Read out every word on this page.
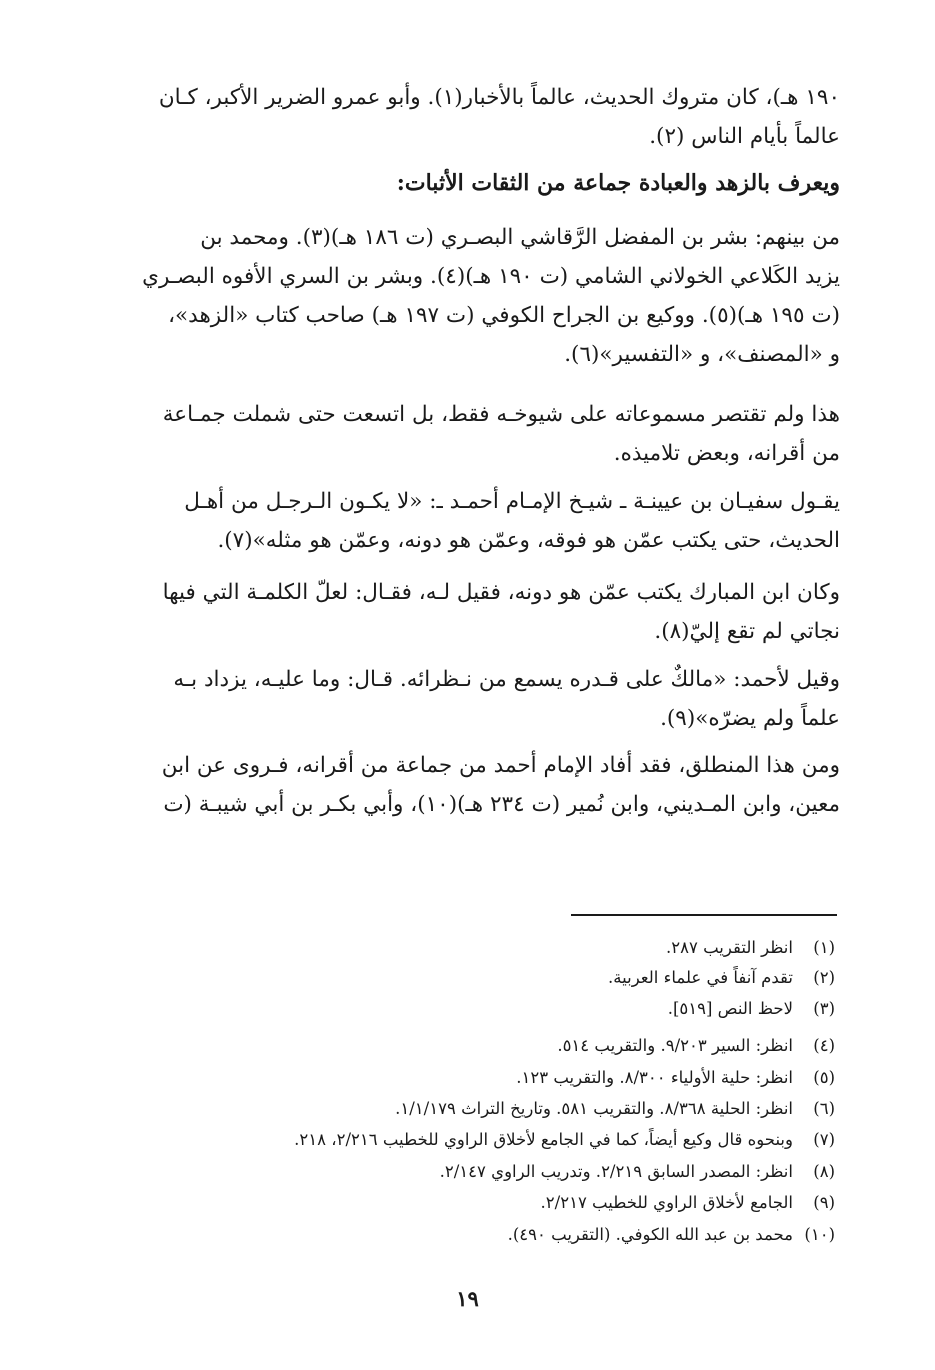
١٩٠ هـ)، كان متروك الحديث، عالماً بالأخبار(١). وأبو عمرو الضرير الأكبر، كـان
عالماً بأيام الناس (٢).
ويعرف بالزهد والعبادة جماعة من الثقات الأثبات:
من بينهم: بشر بن المفضل الرَّقاشي البصـري (ت ١٨٦ هـ)(٣). ومحمد بن
يزيد الكَلاعي الخولاني الشامي (ت ١٩٠ هـ)(٤). وبشر بن السري الأفوه البصـري
(ت ١٩٥ هـ)(٥). ووكيع بن الجراح الكوفي (ت ١٩٧ هـ) صاحب كتاب «الزهد»،
و «المصنف»، و «التفسير»(٦).
هذا ولم تقتصر مسموعاته على شيوخـه فقط، بل اتسعت حتى شملت جمـاعة
من أقرانه، وبعض تلاميذه.
يقـول سفيـان بن عيينـة ـ شيـخ الإمـام أحمـد ـ: «لا يكـون الـرجـل من أهـل
الحديث، حتى يكتب عمّن هو فوقه، وعمّن هو دونه، وعمّن هو مثله»(٧).
وكان ابن المبارك يكتب عمّن هو دونه، فقيل لـه، فقـال: لعلّ الكلمـة التي فيها
نجاتي لم تقع إليّ(٨).
وقيل لأحمد: «مالكٌ على قـدره يسمع من نـظرائه. قـال: وما عليـه، يزداد بـه
علماً ولم يضرّه»(٩).
ومن هذا المنطلق، فقد أفاد الإمام أحمد من جماعة من أقرانه، فـروى عن ابن
معين، وابن المـديني، وابن نُمير (ت ٢٣٤ هـ)(١٠)، وأبي بكـر بن أبي شيبـة (ت
(١)انظر التقريب ٢٨٧.
(٢)تقدم آنفاً في علماء العربية.
(٣)لاحظ النص [٥١٩].
(٤)انظر: السير ٩/٢٠٣. والتقريب ٥١٤.
(٥)انظر: حلية الأولياء ٨/٣٠٠. والتقريب ١٢٣.
(٦)انظر: الحلية ٨/٣٦٨. والتقريب ٥٨١. وتاريخ التراث ١/١/١٧٩.
(٧)وبنحوه قال وكيع أيضاً، كما في الجامع لأخلاق الراوي للخطيب ٢/٢١٦، ٢١٨.
(٨)انظر: المصدر السابق ٢/٢١٩. وتدريب الراوي ٢/١٤٧.
(٩)الجامع لأخلاق الراوي للخطيب ٢/٢١٧.
(١٠)محمد بن عبد الله الكوفي. (التقريب ٤٩٠).
١٩
